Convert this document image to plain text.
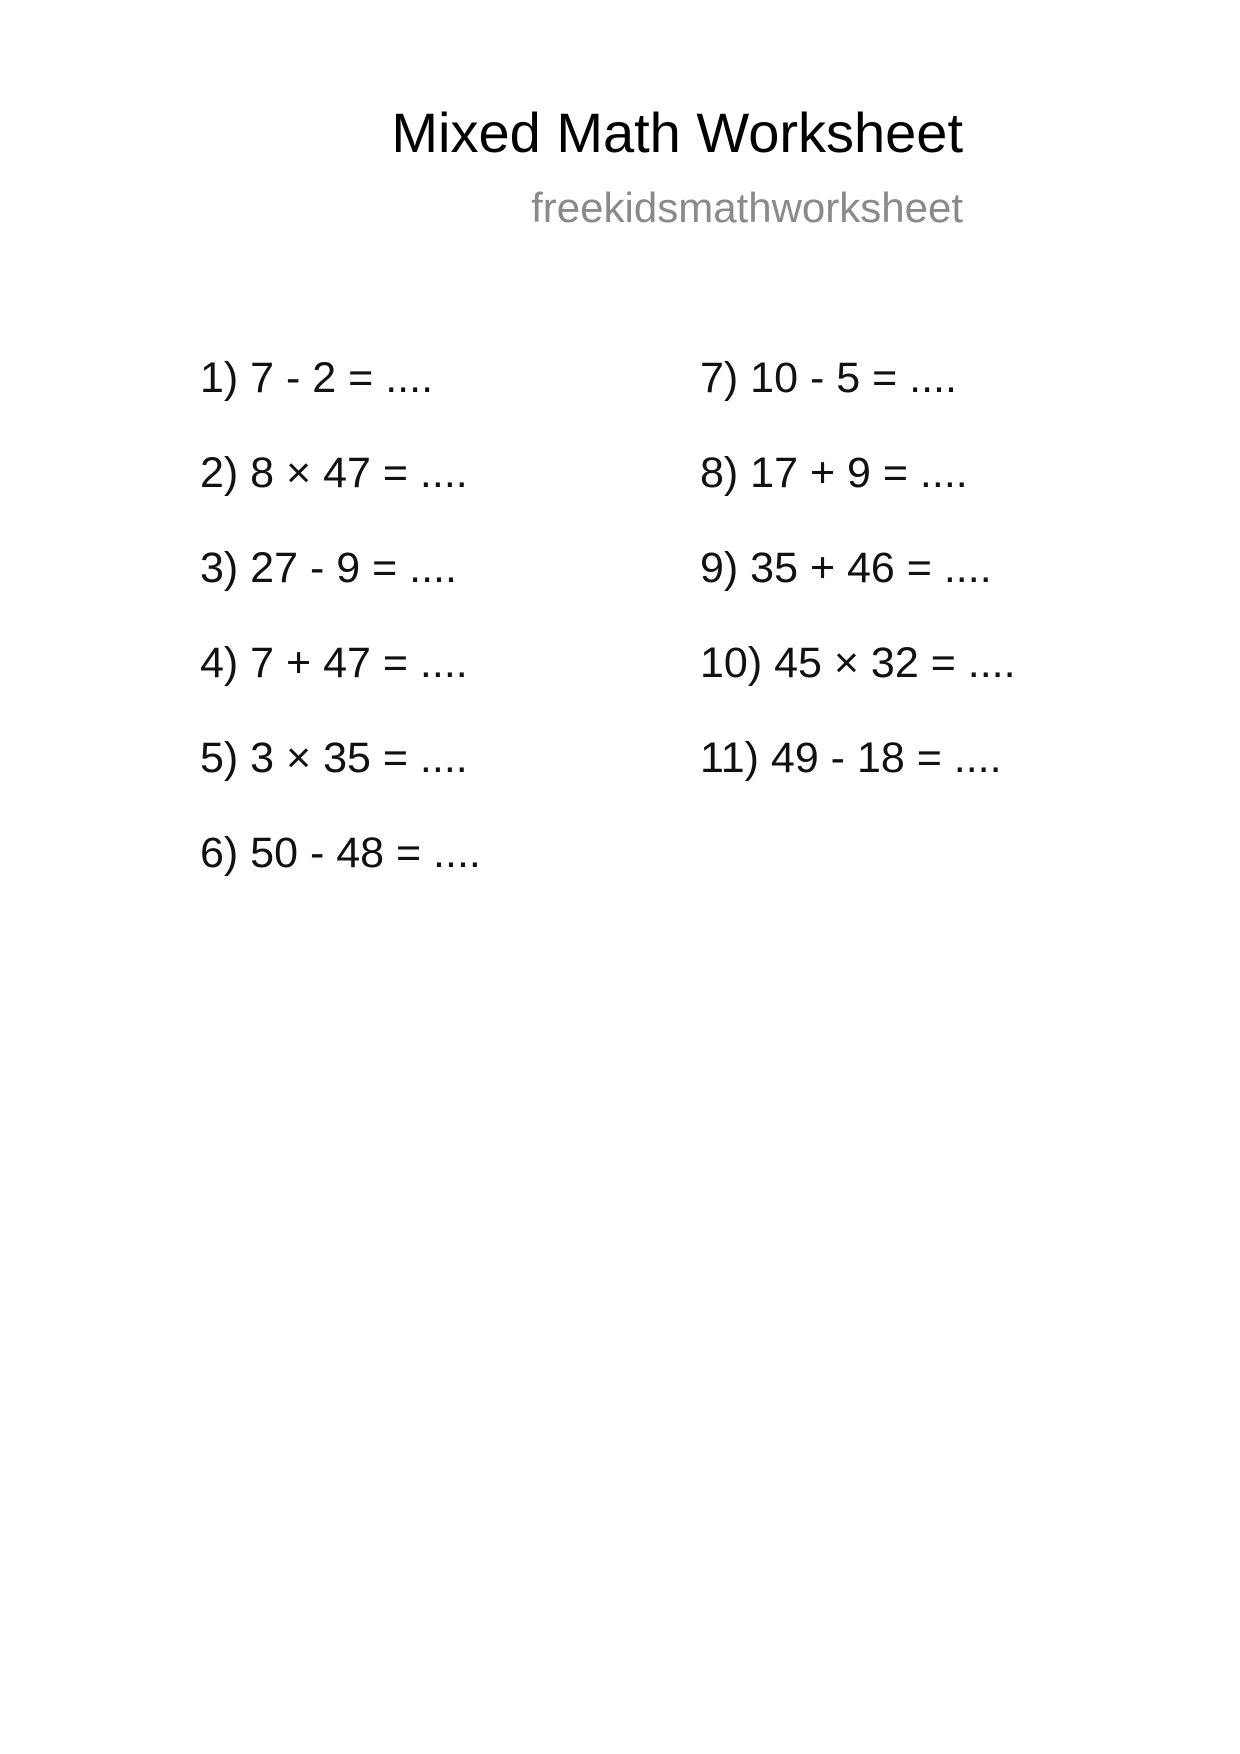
Mixed Math Worksheet
freekidsmathworksheet
1) 7 - 2 = ....
2) 8 × 47 = ....
3) 27 - 9 = ....
4) 7 + 47 = ....
5) 3 × 35 = ....
6) 50 - 48 = ....
7) 10 - 5 = ....
8) 17 + 9 = ....
9) 35 + 46 = ....
10) 45 × 32 = ....
11) 49 - 18 = ....
